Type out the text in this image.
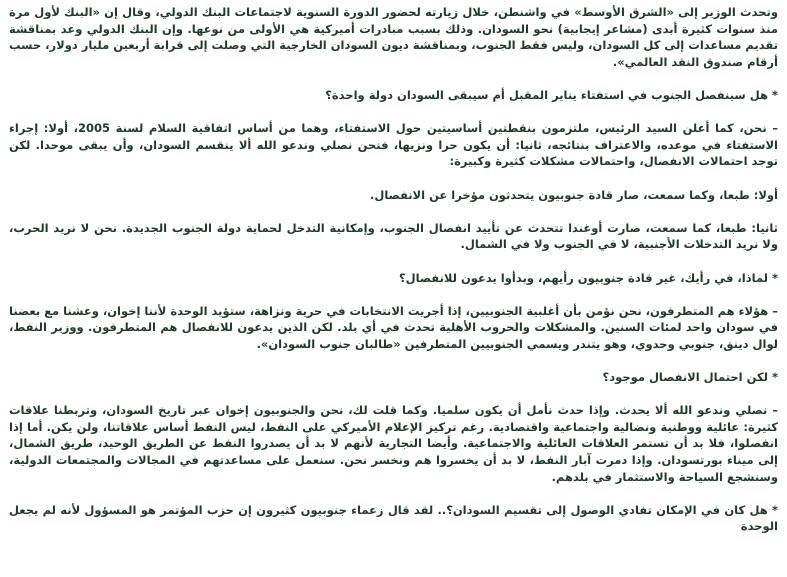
وتحدث الوزير إلى «الشرق الأوسط» في واشنطن، خلال زيارته لحضور الدورة السنوية لاجتماعات البنك الدولي، وقال إن «البنك لأول مرة منذ سنوات كثيرة أبدى (مشاعر إيجابية) نحو السودان. وذلك بسبب مبادرات أميركية هي الأولى من نوعها. وإن البنك الدولي وعد بمناقشة تقديم مساعدات إلى كل السودان، وليس فقط الجنوب، وبمناقشة ديون السودان الخارجية التي وصلت إلى قرابة أربعين مليار دولار، حسب أرقام صندوق النقد العالمي».

* هل سينفصل الجنوب في استفتاء يناير المقبل أم سيبقى السودان دولة واحدة؟

– نحن، كما أعلن السيد الرئيس، ملتزمون بنقطتين أساسيتين حول الاستفتاء، وهما من أساس اتفاقية السلام لسنة 2005، أولا: إجراء الاستفتاء في موعده، والاعتراف بنتائجه، ثانيا: أن يكون حرا ونزيها، فنحن نصلي وندعو الله ألا ينقسم السودان، وأن يبقى موحدا. لكن توجد احتمالات الانفصال، واحتمالات مشكلات كثيرة وكبيرة:

أولا: طبعا، وكما سمعت، صار قادة جنوبيون يتحدثون مؤخرا عن الانفصال.

ثانيا: طبعا، كما سمعت، صارت أوغندا تتحدث عن تأييد انفصال الجنوب، وإمكانية التدخل لحماية دولة الجنوب الجديدة. نحن لا نريد الحرب، ولا نريد التدخلات الأجنبية، لا في الجنوب ولا في الشمال.

* لماذا، في رأيك، غير قادة جنوبيون رأيهم، وبدأوا يدعون للانفصال؟

– هؤلاء هم المتطرفون، نحن نؤمن بأن أغلبية الجنوبيين، إذا أجريت الانتخابات في حرية ونزاهة، ستؤيد الوحدة لأننا إخوان، وعشنا مع بعضنا في سودان واحد لمئات السنين. والمشكلات والحروب الأهلية تحدث في أي بلد. لكن الذين يدعون للانفصال هم المتطرفون. ووزير النفط، لوال دينق، جنوبي وحدوي، وهو يتندر ويسمي الجنوبيين المتطرفين «طالبان جنوب السودان».

* لكن احتمال الانفصال موجود؟

– نصلي وندعو الله ألا يحدث. وإذا حدث نأمل أن يكون سلميا. وكما قلت لك، نحن والجنوبيون إخوان عبر تاريخ السودان، وتربطنا علاقات كثيرة: عائلية ووطنية ونضالية واجتماعية واقتصادية. رغم تركيز الإعلام الأميركي على النفط، ليس النفط أساس علاقاتنا، ولن يكن. أما إذا انفصلوا، فلا بد أن تستمر العلاقات العائلية والاجتماعية. وأيضا التجارية لأنهم لا بد أن يصدروا النفط عن الطريق الوحيد، طريق الشمال، إلى ميناء بورتسودان. وإذا دمرت آبار النفط، لا بد أن يخسروا هم ونخسر نحن. سنعمل على مساعدتهم في المجالات والمجتمعات الدولية، وسنشجع السياحة والاستثمار في بلدهم.

* هل كان في الإمكان تفادي الوصول إلى تقسيم السودان؟.. لقد قال زعماء جنوبيون كثيرون إن حزب المؤتمر هو المسؤول لأنه لم يجعل الوحدة
